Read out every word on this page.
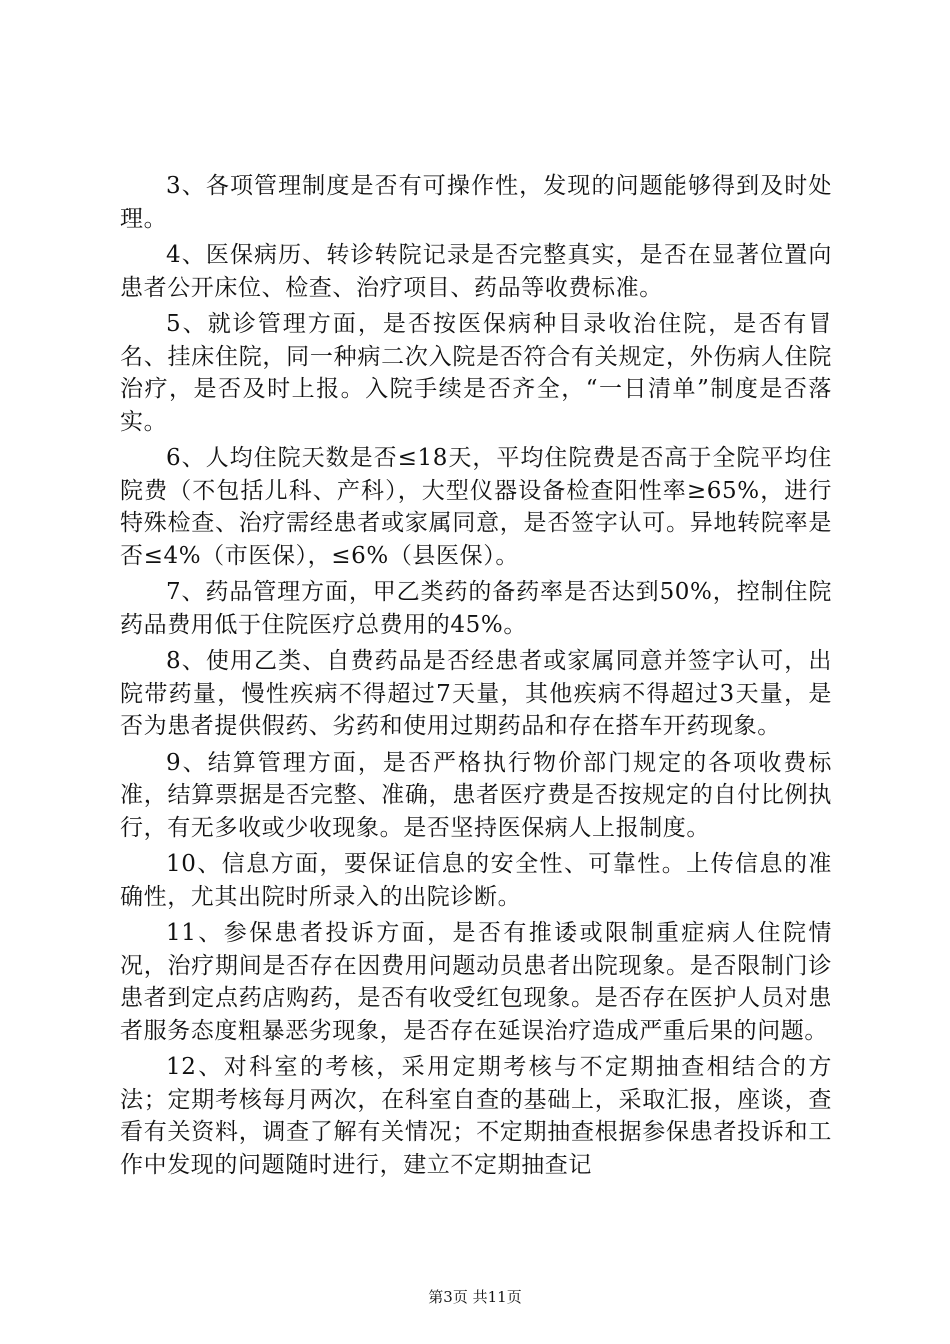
3、各项管理制度是否有可操作性，发现的问题能够得到及时处理。

4、医保病历、转诊转院记录是否完整真实，是否在显著位置向患者公开床位、检查、治疗项目、药品等收费标准。

5、就诊管理方面，是否按医保病种目录收治住院，是否有冒名、挂床住院，同一种病二次入院是否符合有关规定，外伤病人住院治疗，是否及时上报。入院手续是否齐全，“一日清单”制度是否落实。

6、人均住院天数是否≤18天，平均住院费是否高于全院平均住院费（不包括儿科、产科），大型仪器设备检查阳性率≥65%，进行特殊检查、治疗需经患者或家属同意，是否签字认可。异地转院率是否≤4%（市医保），≤6%（县医保）。

7、药品管理方面，甲乙类药的备药率是否达到50%，控制住院药品费用低于住院医疗总费用的45%。

8、使用乙类、自费药品是否经患者或家属同意并签字认可，出院带药量，慢性疾病不得超过7天量，其他疾病不得超过3天量，是否为患者提供假药、劣药和使用过期药品和存在搭车开药现象。

9、结算管理方面，是否严格执行物价部门规定的各项收费标准，结算票据是否完整、准确，患者医疗费是否按规定的自付比例执行，有无多收或少收现象。是否坚持医保病人上报制度。

10、信息方面，要保证信息的安全性、可靠性。上传信息的准确性，尤其出院时所录入的出院诊断。

11、参保患者投诉方面，是否有推诿或限制重症病人住院情况，治疗期间是否存在因费用问题动员患者出院现象。是否限制门诊患者到定点药店购药，是否有收受红包现象。是否存在医护人员对患者服务态度粗暴恶劣现象，是否存在延误治疗造成严重后果的问题。

12、对科室的考核，采用定期考核与不定期抽查相结合的方法；定期考核每月两次，在科室自查的基础上，采取汇报，座谈，查看有关资料，调查了解有关情况；不定期抽查根据参保患者投诉和工作中发现的问题随时进行，建立不定期抽查记

第3页 共11页
